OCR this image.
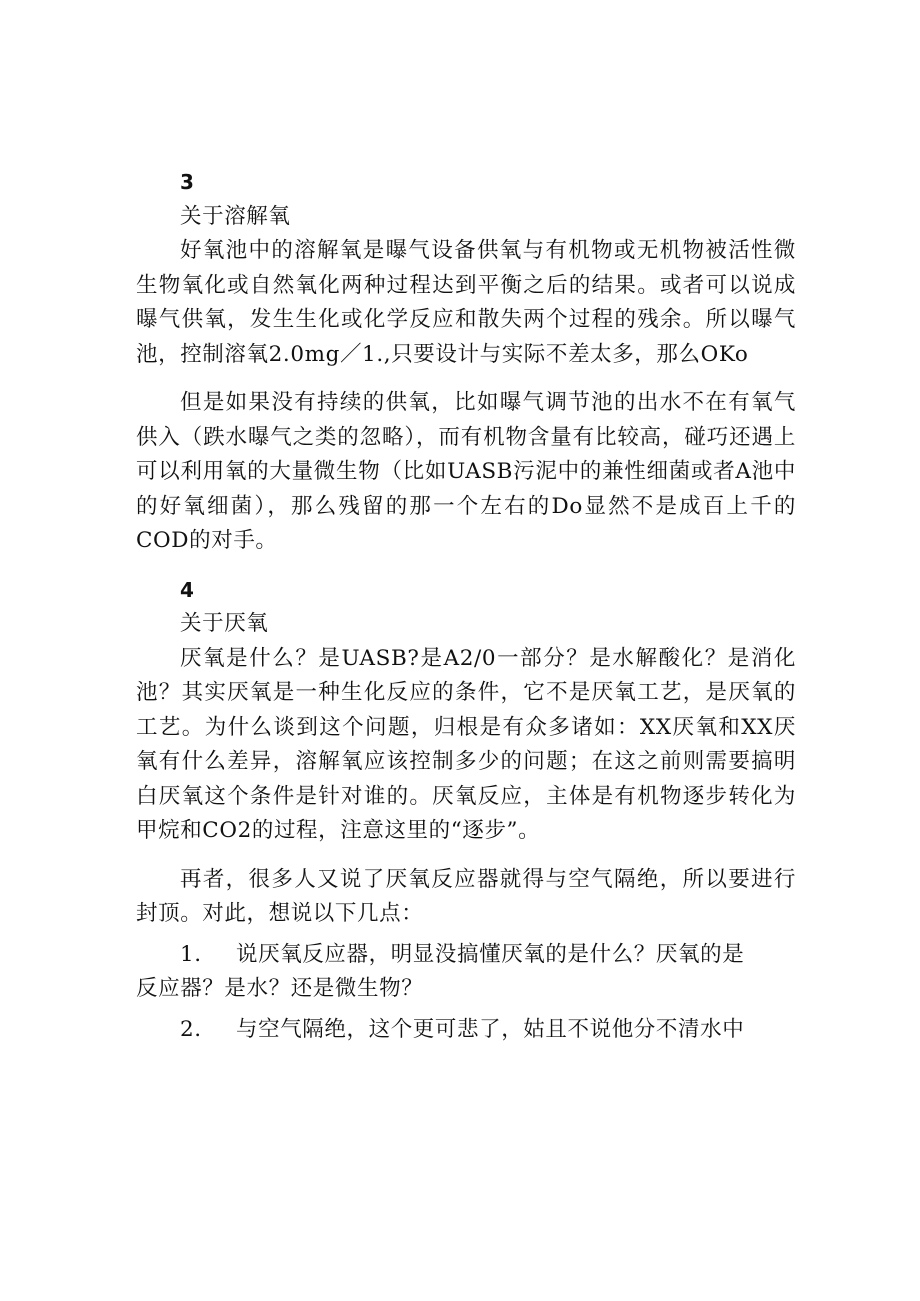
3
关于溶解氧

好氧池中的溶解氧是曝气设备供氧与有机物或无机物被活性微生物氧化或自然氧化两种过程达到平衡之后的结果。或者可以说成曝气供氧，发生生化或化学反应和散失两个过程的残余。所以曝气池，控制溶氧2.0mg／1.,只要设计与实际不差太多，那么OKo

但是如果没有持续的供氧，比如曝气调节池的出水不在有氧气供入（跌水曝气之类的忽略），而有机物含量有比较高，碰巧还遇上可以利用氧的大量微生物（比如UASB污泥中的兼性细菌或者A池中的好氧细菌），那么残留的那一个左右的Do显然不是成百上千的COD的对手。

4
关于厌氧

厌氧是什么？是UASB?是A2/0一部分？是水解酸化？是消化池？其实厌氧是一种生化反应的条件，它不是厌氧工艺，是厌氧的工艺。为什么谈到这个问题，归根是有众多诸如：XX厌氧和XX厌氧有什么差异，溶解氧应该控制多少的问题；在这之前则需要搞明白厌氧这个条件是针对谁的。厌氧反应，主体是有机物逐步转化为甲烷和CO2的过程，注意这里的“逐步”。

再者，很多人又说了厌氧反应器就得与空气隔绝，所以要进行封顶。对此，想说以下几点：

1. 说厌氧反应器，明显没搞懂厌氧的是什么？厌氧的是
反应器？是水？还是微生物？
2. 与空气隔绝，这个更可悲了，姑且不说他分不清水中
